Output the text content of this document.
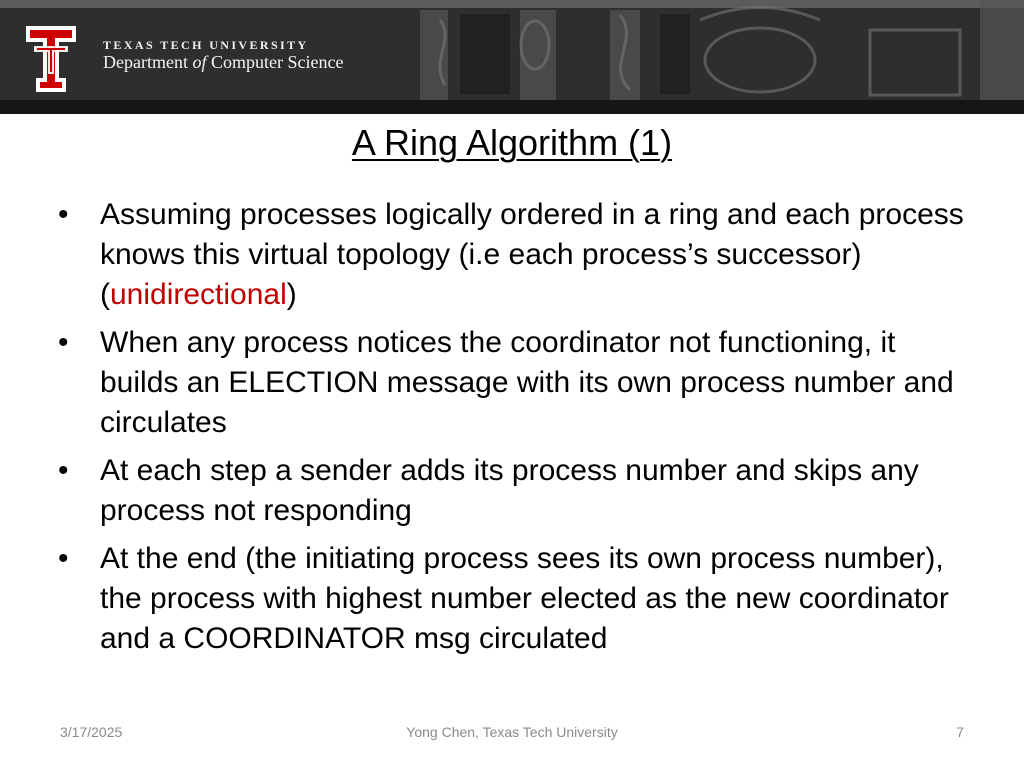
TEXAS TECH UNIVERSITY
Department of Computer Science
A Ring Algorithm (1)
• Assuming processes logically ordered in a ring and each process knows this virtual topology (i.e each process’s successor) (unidirectional)
• When any process notices the coordinator not functioning, it builds an ELECTION message with its own process number and circulates
• At each step a sender adds its process number and skips any process not responding
• At the end (the initiating process sees its own process number), the process with highest number elected as the new coordinator and a COORDINATOR msg circulated
3/17/2025	Yong Chen, Texas Tech University	7
